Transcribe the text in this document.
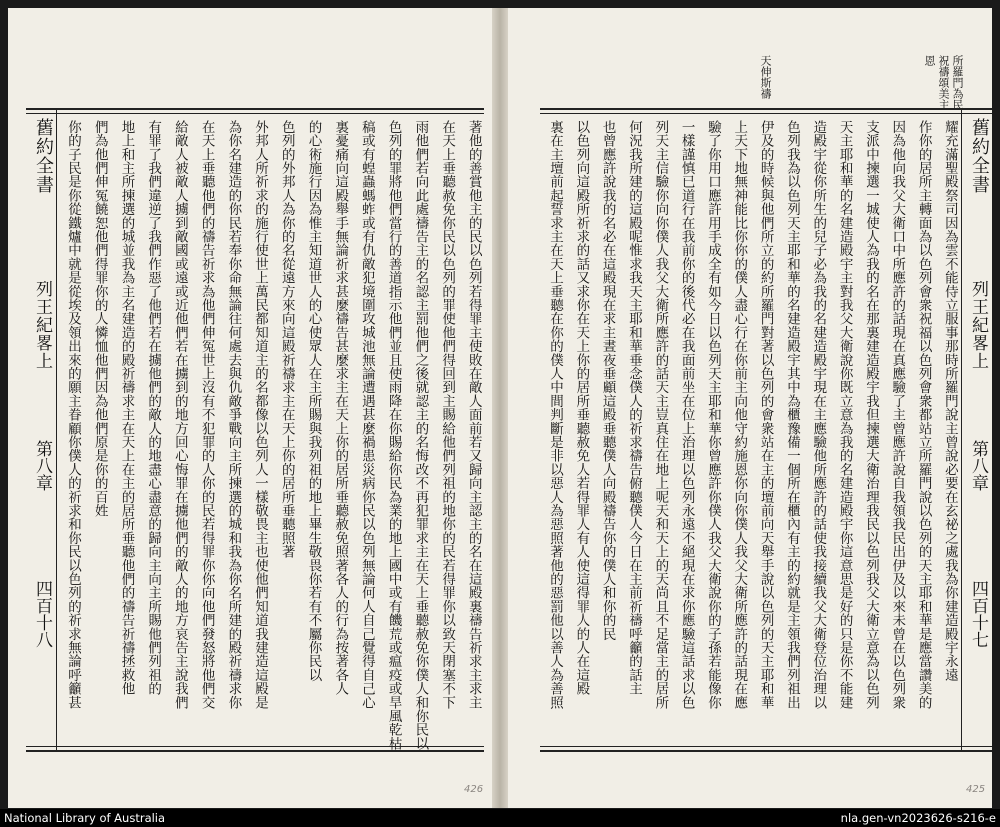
所羅門為民
祝禱頌美主
恩
天伸斯禱
舊約全書
列王紀畧上
第八章
四百十八	著他的善賞他主的民以色列若得罪主使敗在敵人面前若又歸向主認主的名在這殿裏禱告祈求主求主
在天上垂聽赦免你民以色列的罪使他們得回到主賜給他們列祖的地你的民若得罪你以致天閉塞不下
雨他們若向此處禱告主的名認主罰他們之後就認主的名悔改不再犯罪求主在天上垂聽赦免你僕人和你民以
色列的罪將他們當行的善道指示他們並且使雨降在你賜給你民為業的地上國中或有饑荒或瘟疫或旱風乾枯
稿或有蝗蟲螞蚱或有仇敵犯境圍攻城池無論遭遇甚麼禍患災病你民以色列無論何人自己覺得自己心
裏憂痛向這殿舉手無論祈求甚麼禱告甚麼求主在天上你的居所垂聽赦免照著各人的行為按著各人
的心術施行因為惟主知道世人的心使眾人在主所賜與我列祖的地上畢生敬畏你若有不屬你民以
色列的外邦人為你的名從遠方來向這殿祈禱求主在天上你的居所垂聽照著
外邦人所祈求的施行使世上萬民都知道主的名都像以色列人一樣敬畏主也使他們知道我建造這殿是
為你名建造的你民若奉你命無論往何處去與仇敵爭戰向主所揀選的城和我為你名所建的殿祈禱求你
在天上垂聽他們的禱告祈求為他們伸冤世上沒有不犯罪的人你的民若得罪你你向他們發怒將他們交
給敵人被敵人擄到敵國或遠或近他們若在擄到的地方回心悔罪在擄他們的敵人的地方哀告主說我們
有罪了我們違逆了我們作惡了他們若在擄他們的敵人的地盡心盡意的歸向主向主所賜他們列祖的
地上和主所揀選的城並我為主名建造的殿祈禱求主在天上在主的居所垂聽他們的禱告祈禱拯救他
們為他們伸冤饒恕他們得罪你的人憐恤他們因為他們原是你的百姓
你的子民是你從鐵爐中就是從埃及領出來的願主眷顧你僕人的祈求和你民以色列的祈求無論呼籲甚	舊約全書
列王紀畧上
第八章
四百十七
耀充滿聖殿祭司因為雲不能侍立服事那時所羅門說主曾說必要在玄祕之處我為你建造殿宇永遠
作你的居所主轉面為以色列會衆祝福以色列會衆都站立所羅門說以色列的天主耶和華是應當讚美的
因為他向我父大衛口中所應許的話現在真應驗了主曾應許說自我領我民出伊及以來未曾在以色列衆
支派中揀選一城使人為我的名在那裏建造殿宇我但揀選大衛治理我民以色列我父大衛立意為以色列
天主耶和華的名建造殿宇主對我父大衛說你既立意為我的名建造殿宇你這意思是好的只是你不能建
造殿宇從你所生的兒子必為我的名建造殿宇現在主應驗他所應許的話使我接續我父大衛登位治理以
色列我為以色列天主耶和華的名建造殿宇其中為櫃豫備一個所在櫃內有主的約就是主領我們列祖出
伊及的時候與他們所立的約所羅門對著以色列的會衆站在主的壇前向天舉手說以色列的天主耶和華
上天下地無神能比你你的僕人盡心行在你前主向他守約施恩你向你僕人我父大衛所應許的話現在應
驗了你用口應許用手成全有如今日以色列天主耶和華你曾應許你僕人我父大衛說你的子孫若能像你
一樣謹慎已道行在我前你的後代必在我面前坐在位上治理以色列永遠不絕現在求你應驗這話求以色
列天主信驗你向你僕人我父大衛所應許的話天主豈真住在地上呢天和天上的天尚且不足當主的居所
何況我所建的這殿呢惟求我天主耶和華垂念僕人的祈求禱告俯聽僕人今日在主前祈禱呼籲的話主
也曾應許說我的名必在這殿現在求主晝夜垂顧這殿垂聽僕人向殿禱告你的僕人和你的民
以色列向這殿所祈求的話又求你在天上你的居所垂聽赦免人若得罪人有人使這得罪人的人在這殿
裏在主壇前起誓求主在天上垂聽在你的僕人中間判斷是非以惡人為惡照著他的惡罰他以善人為善照
426	425
National Library of Australia	nla.gen-vn2023626-s216-e
